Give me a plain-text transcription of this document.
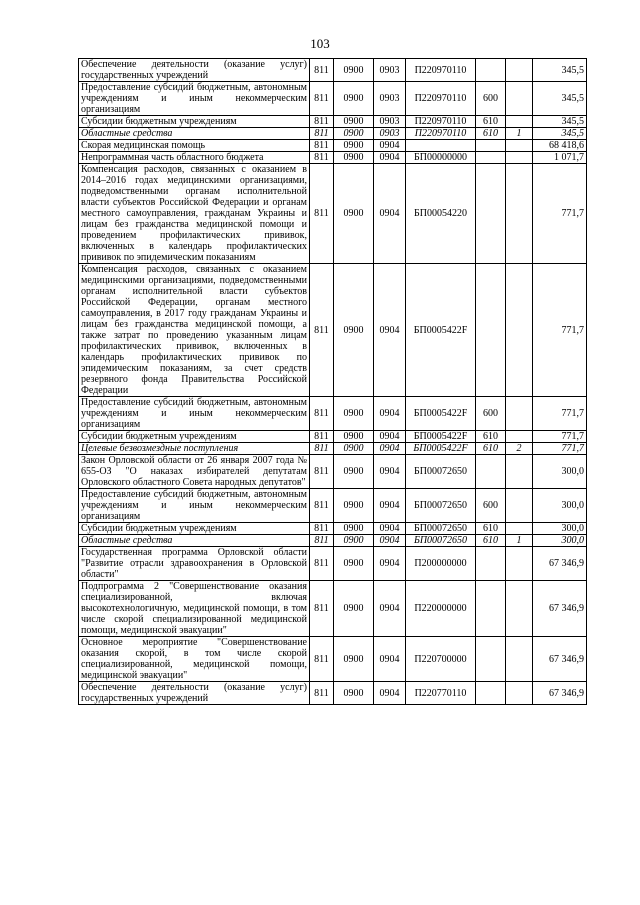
103
Обеспечение деятельности (оказание услуг) государственных учреждений	811	0900	0903	П220970110			345,5
Предоставление субсидий бюджетным, автономным учреждениям и иным некоммерческим организациям	811	0900	0903	П220970110	600		345,5
Субсидии бюджетным учреждениям	811	0900	0903	П220970110	610		345,5
Областные средства	811	0900	0903	П220970110	610	1	345,5
Скорая медицинская помощь	811	0900	0904				68 418,6
Непрограммная часть областного бюджета	811	0900	0904	БП00000000			1 071,7
Компенсация расходов, связанных с оказанием в 2014–2016 годах медицинскими организациями, подведомственными органам исполнительной власти субъектов Российской Федерации и органам местного самоуправления, гражданам Украины и лицам без гражданства медицинской помощи и проведением профилактических прививок, включенных в календарь профилактических прививок по эпидемическим показаниям	811	0900	0904	БП00054220			771,7
Компенсация расходов, связанных с оказанием медицинскими организациями, подведомственными органам исполнительной власти субъектов Российской Федерации, органам местного самоуправления, в 2017 году гражданам Украины и лицам без гражданства медицинской помощи, а также затрат по проведению указанным лицам профилактических прививок, включенных в календарь профилактических прививок по эпидемическим показаниям, за счет средств резервного фонда Правительства Российской Федерации	811	0900	0904	БП0005422F			771,7
Предоставление субсидий бюджетным, автономным учреждениям и иным некоммерческим организациям	811	0900	0904	БП0005422F	600		771,7
Субсидии бюджетным учреждениям	811	0900	0904	БП0005422F	610		771,7
Целевые безвозмездные поступления	811	0900	0904	БП0005422F	610	2	771,7
Закон Орловской области от 26 января 2007 года № 655-ОЗ "О наказах избирателей депутатам Орловского областного Совета народных депутатов"	811	0900	0904	БП00072650			300,0
Предоставление субсидий бюджетным, автономным учреждениям и иным некоммерческим организациям	811	0900	0904	БП00072650	600		300,0
Субсидии бюджетным учреждениям	811	0900	0904	БП00072650	610		300,0
Областные средства	811	0900	0904	БП00072650	610	1	300,0
Государственная программа Орловской области "Развитие отрасли здравоохранения в Орловской области"	811	0900	0904	П200000000			67 346,9
Подпрограмма 2 "Совершенствование оказания специализированной, включая высокотехнологичную, медицинской помощи, в том числе скорой специализированной медицинской помощи, медицинской эвакуации"	811	0900	0904	П220000000			67 346,9
Основное мероприятие "Совершенствование оказания скорой, в том числе скорой специализированной, медицинской помощи, медицинской эвакуации"	811	0900	0904	П220700000			67 346,9
Обеспечение деятельности (оказание услуг) государственных учреждений	811	0900	0904	П220770110			67 346,9
